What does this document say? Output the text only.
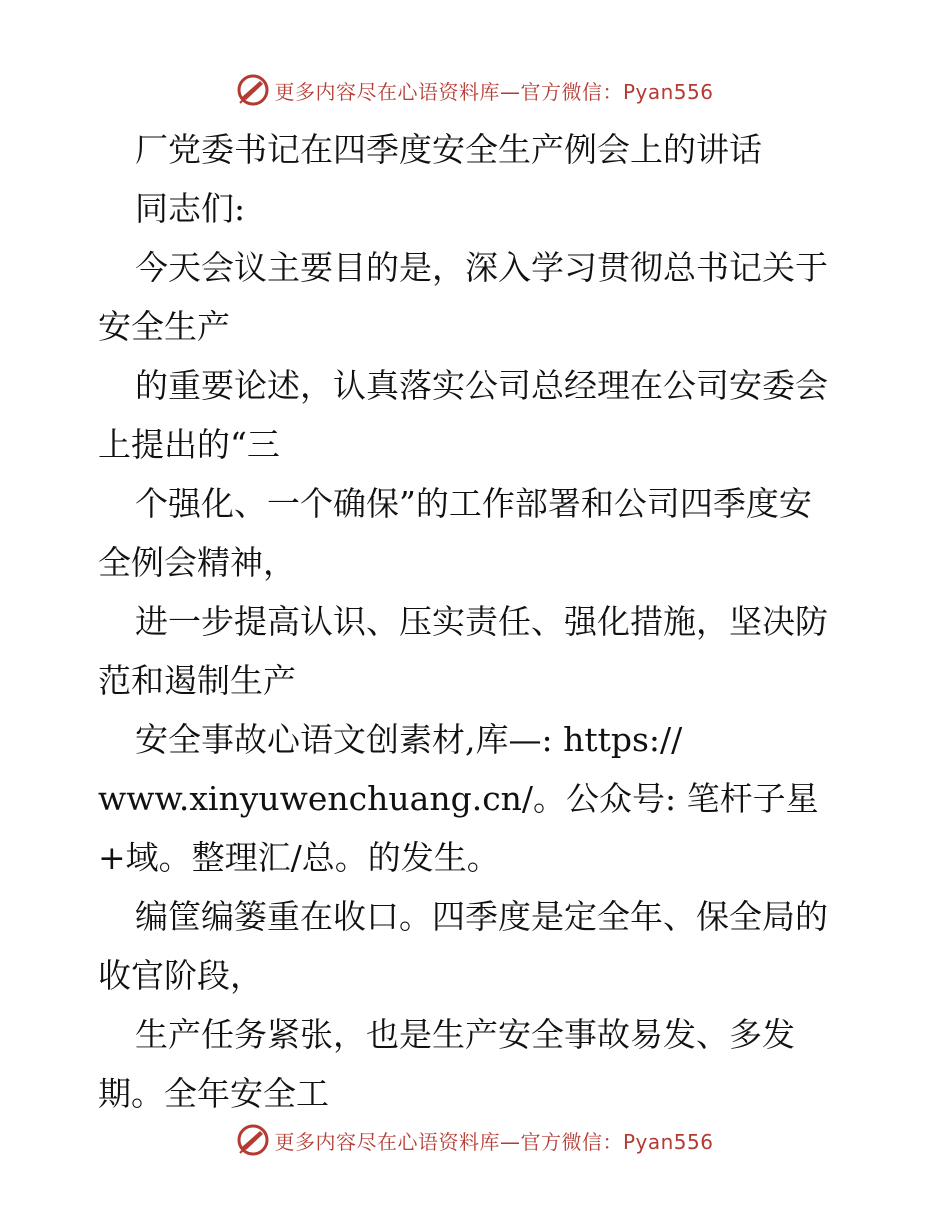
更多内容尽在心语资料库—官方微信：Pyan556
厂党委书记在四季度安全生产例会上的讲话
同志们:
今天会议主要目的是，深入学习贯彻总书记关于
安全生产
的重要论述，认真落实公司总经理在公司安委会
上提出的“三
个强化、一个确保”的工作部署和公司四季度安
全例会精神，
进一步提高认识、压实责任、强化措施，坚决防
范和遏制生产
安全事故心语文创素材,库—: https://
www.xinyuwenchuang.cn/。公众号: 笔杆子星
+域。整理汇/总。的发生。
编筐编篓重在收口。四季度是定全年、保全局的
收官阶段，
生产任务紧张，也是生产安全事故易发、多发
期。全年安全工
更多内容尽在心语资料库—官方微信：Pyan556
